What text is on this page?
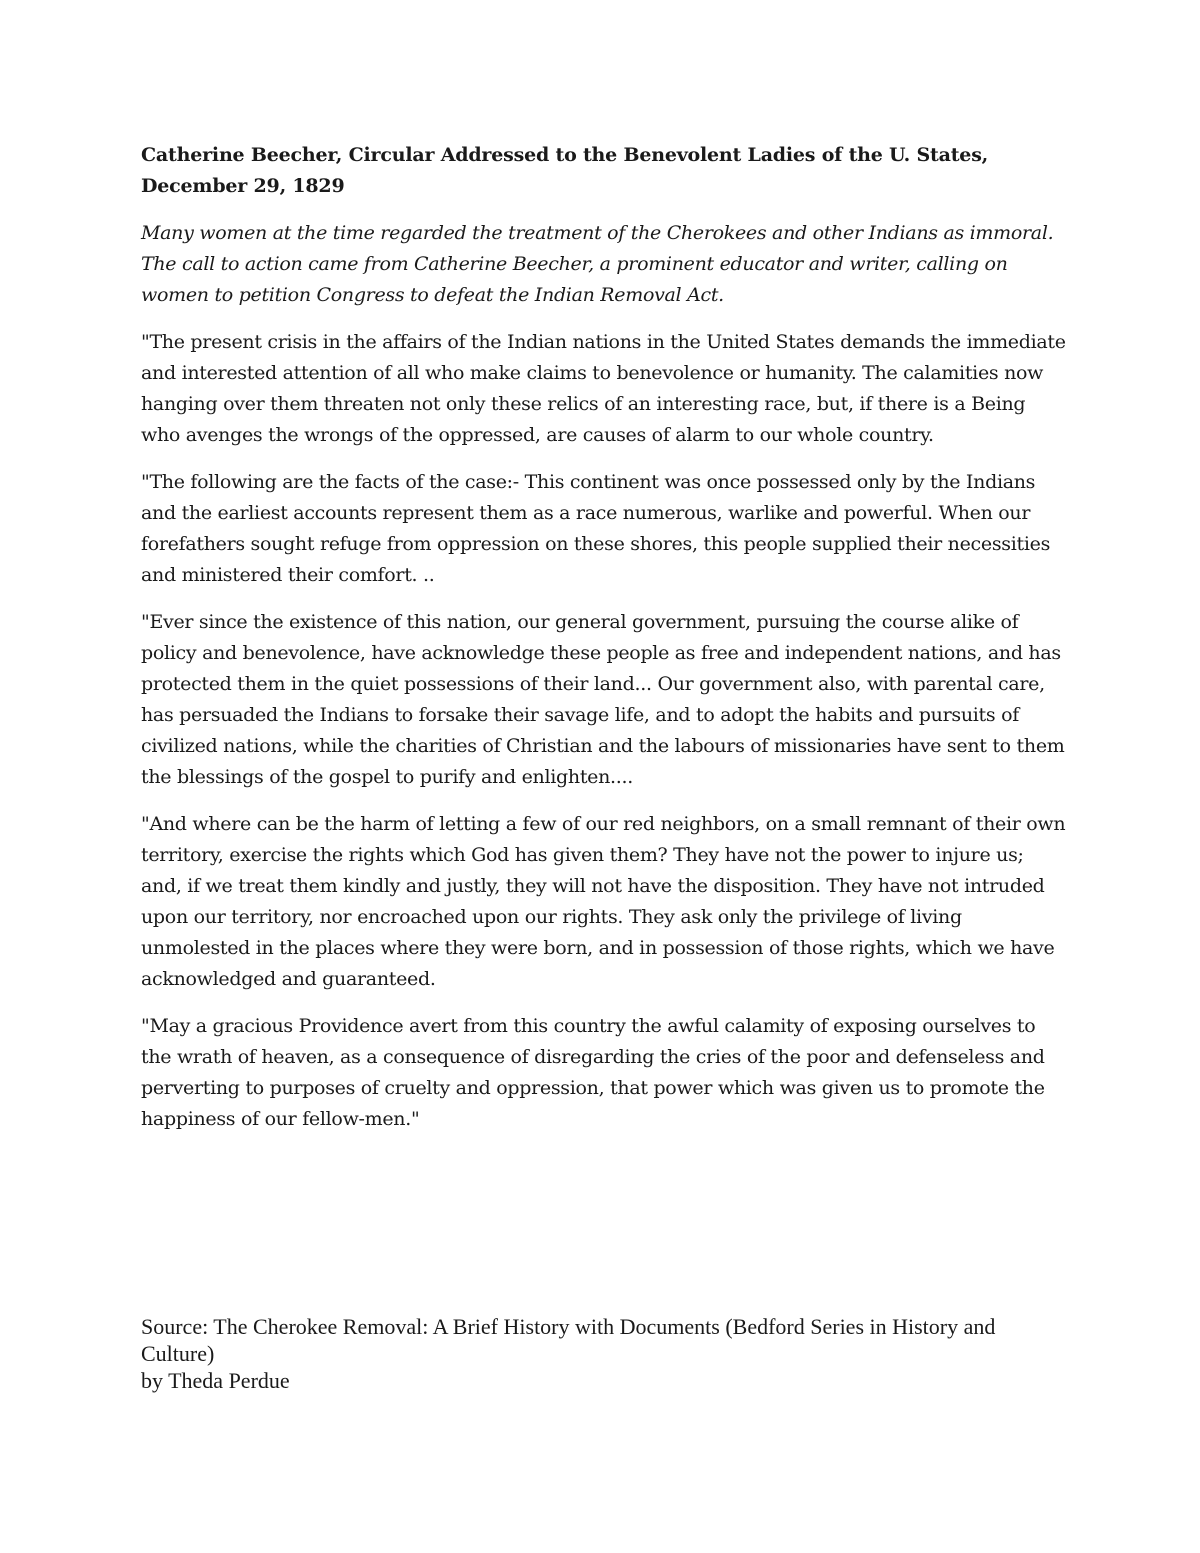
Catherine Beecher, Circular Addressed to the Benevolent Ladies of the U. States, December 29, 1829

Many women at the time regarded the treatment of the Cherokees and other Indians as immoral. The call to action came from Catherine Beecher, a prominent educator and writer, calling on women to petition Congress to defeat the Indian Removal Act.

"The present crisis in the affairs of the Indian nations in the United States demands the immediate and interested attention of all who make claims to benevolence or humanity. The calamities now hanging over them threaten not only these relics of an interesting race, but, if there is a Being who avenges the wrongs of the oppressed, are causes of alarm to our whole country.

"The following are the facts of the case:- This continent was once possessed only by the Indians and the earliest accounts represent them as a race numerous, warlike and powerful. When our forefathers sought refuge from oppression on these shores, this people supplied their necessities and ministered their comfort. ..

"Ever since the existence of this nation, our general government, pursuing the course alike of policy and benevolence, have acknowledge these people as free and independent nations, and has protected them in the quiet possessions of their land... Our government also, with parental care, has persuaded the Indians to forsake their savage life, and to adopt the habits and pursuits of civilized nations, while the charities of Christian and the labours of missionaries have sent to them the blessings of the gospel to purify and enlighten....

"And where can be the harm of letting a few of our red neighbors, on a small remnant of their own territory, exercise the rights which God has given them? They have not the power to injure us; and, if we treat them kindly and justly, they will not have the disposition. They have not intruded upon our territory, nor encroached upon our rights. They ask only the privilege of living unmolested in the places where they were born, and in possession of those rights, which we have acknowledged and guaranteed.

"May a gracious Providence avert from this country the awful calamity of exposing ourselves to the wrath of heaven, as a consequence of disregarding the cries of the poor and defenseless and perverting to purposes of cruelty and oppression, that power which was given us to promote the happiness of our fellow-men."

Source: The Cherokee Removal: A Brief History with Documents (Bedford Series in History and Culture)

by Theda Perdue
